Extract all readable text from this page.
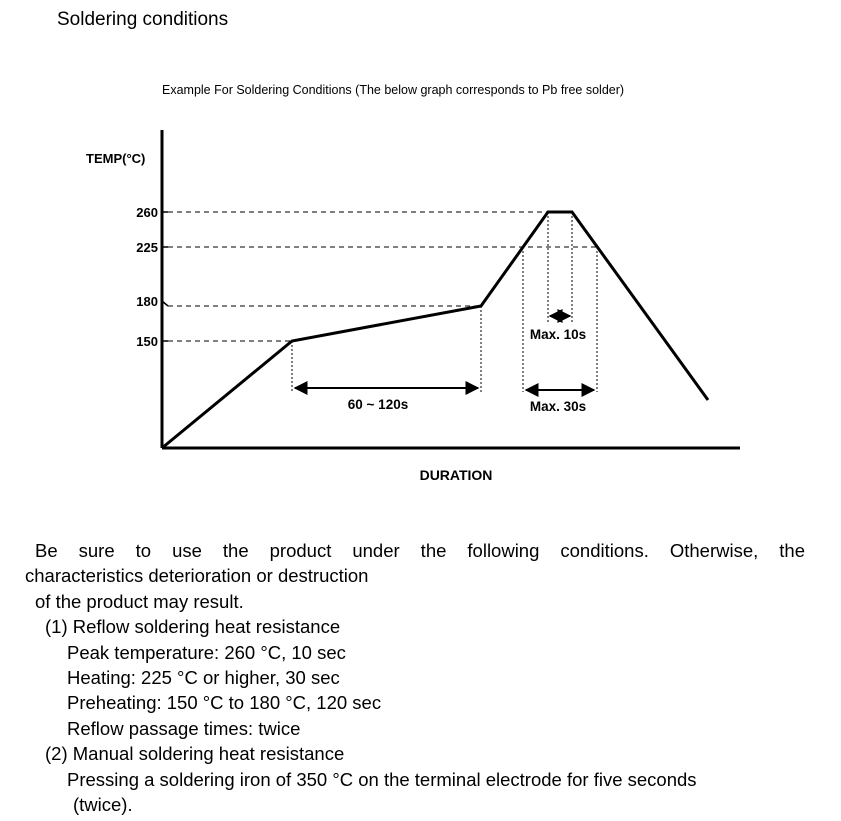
Soldering conditions
Example For Soldering Conditions (The below graph corresponds to Pb free solder)
TEMP(°C)
DURATION
260
225
180
150
60 ~ 120s
Max. 10s
Max. 30s
Be sure to use the product under the following conditions. Otherwise, the
characteristics deterioration or destruction
of the product may result.
(1) Reflow soldering heat resistance
Peak temperature: 260 °C, 10 sec
Heating: 225 °C or higher, 30 sec
Preheating: 150 °C to 180 °C, 120 sec
Reflow passage times: twice
(2) Manual soldering heat resistance
Pressing a soldering iron of 350 °C on the terminal electrode for five seconds
(twice).
